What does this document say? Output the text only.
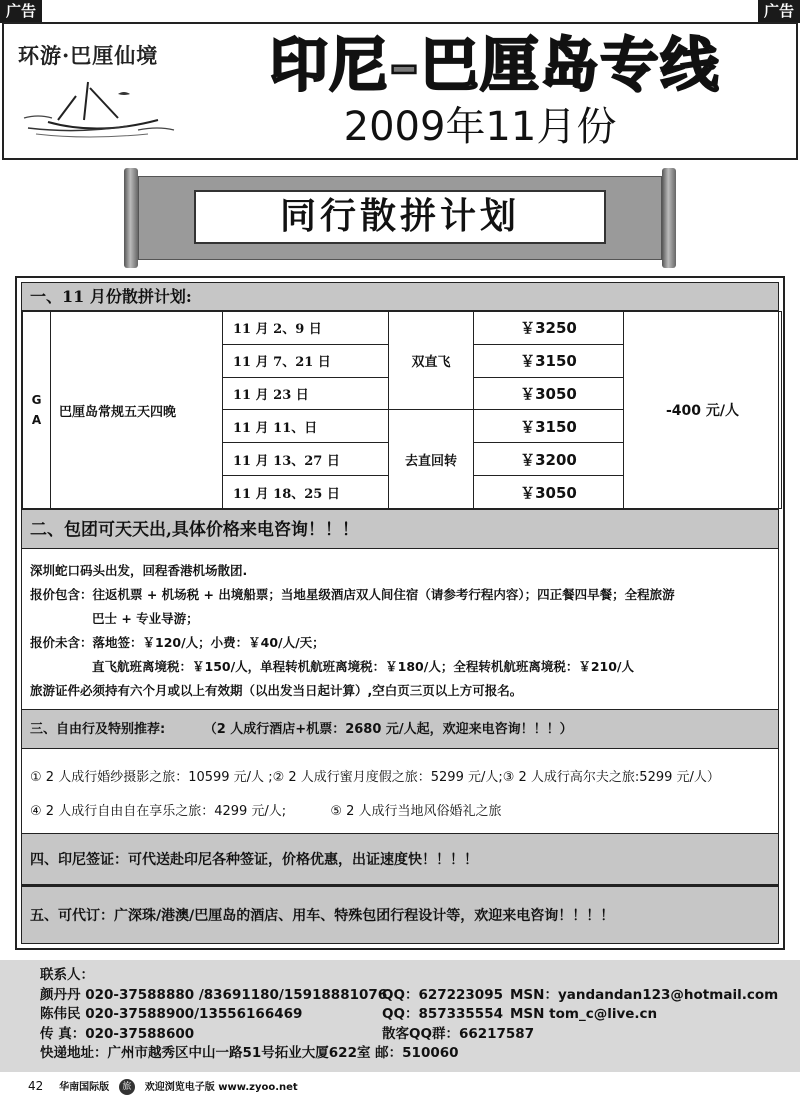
广告	广告
环游·巴厘仙境	印尼–巴厘岛专线
2009年11月份
同行散拼计划
一、11 月份散拼计划:
G
A	巴厘岛常规五天四晚	11 月 2、9 日	双直飞	￥3250	-400 元/人
		11 月 7、21 日		￥3150	
		11 月 23 日		￥3050	
		11 月 11、日	去直回转	￥3150	
		11 月 13、27 日		￥3200	
		11 月 18、25 日		￥3050	
二、包团可天天出,具体价格来电咨询！！！
深圳蛇口码头出发，回程香港机场散团.
报价包含：往返机票 + 机场税 + 出境船票；当地星级酒店双人间住宿（请参考行程内容）；四正餐四早餐；全程旅游
巴士 + 专业导游；
报价未含：落地签：￥120/人；小费：￥40/人/天；
直飞航班离境税：￥150/人，单程转机航班离境税：￥180/人；全程转机航班离境税：￥210/人
旅游证件必须持有六个月或以上有效期（以出发当日起计算）,空白页三页以上方可报名。
三、自由行及特别推荐:	（2 人成行酒店+机票：2680 元/人起，欢迎来电咨询！！！）
① 2 人成行婚纱摄影之旅：10599 元/人 ;② 2 人成行蜜月度假之旅：5299 元/人;③ 2 人成行高尔夫之旅:5299 元/人）
④ 2 人成行自由自在享乐之旅：4299 元/人;	⑤ 2 人成行当地风俗婚礼之旅
四、印尼签证：可代送赴印尼各种签证，价格优惠，出证速度快！！！！
五、可代订：广深珠/港澳/巴厘岛的酒店、用车、特殊包团行程设计等，欢迎来电咨询！！！！
联系人：
颜丹丹 020-37588880 /83691180/15918881076
QQ：627223095 MSN：yandandan123@hotmail.com
陈伟民 020-37588900/13556166469	QQ：857335554 MSN tom_c@live.cn
传 真：020-37588600	散客QQ群：66217587
快递地址：广州市越秀区中山一路51号拓业大厦622室 邮：510060
42 华南国际版 旅 欢迎浏览电子版 www.zyoo.net
